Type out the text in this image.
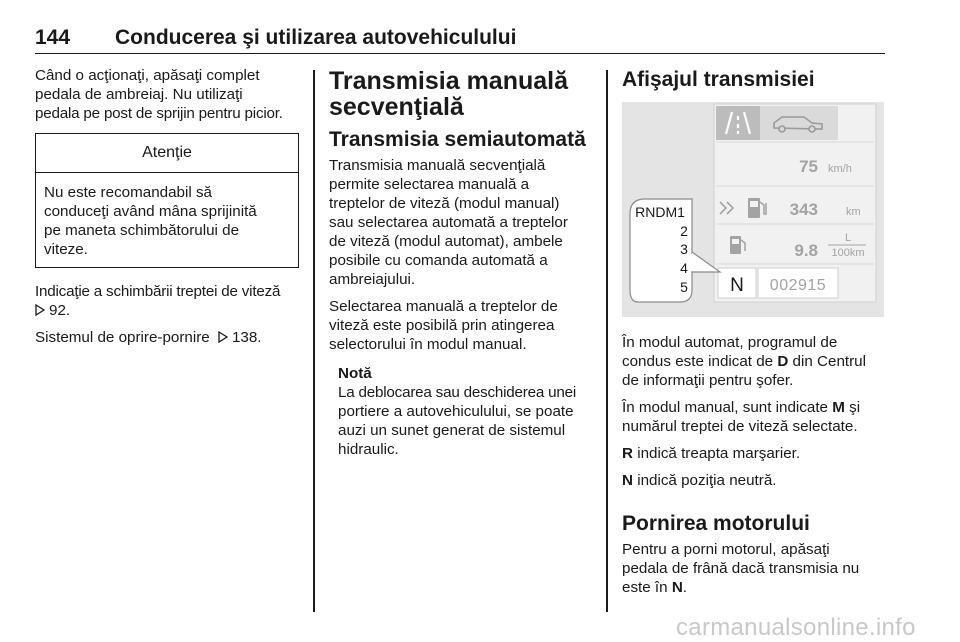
144 Conducerea şi utilizarea autovehiculului

Când o acţionaţi, apăsaţi complet
pedala de ambreiaj. Nu utilizaţi
pedala pe post de sprijin pentru picior.

Atenţie
Nu este recomandabil să
conduceţi având mâna sprijinită
pe maneta schimbătorului de
viteze.

Indicaţie a schimbării treptei de viteză
92.

Sistemul de oprire-pornire 138.

Transmisia manuală
secvenţială
Transmisia semiautomată

Transmisia manuală secvenţială
permite selectarea manuală a
treptelor de viteză (modul manual)
sau selectarea automată a treptelor
de viteză (modul automat), ambele
posibile cu comanda automată a
ambreiajului.

Selectarea manuală a treptelor de
viteză este posibilă prin atingerea
selectorului în modul manual.

Notă
La deblocarea sau deschiderea unei
portiere a autovehiculului, se poate
auzi un sunet generat de sistemul
hidraulic.
Afişajul transmisiei
75 km/h
343	km
9.8
L
100km
N 002915
RNDM1
2
3
4
5

În modul automat, programul de
condus este indicat de D din Centrul
de informaţii pentru şofer.

În modul manual, sunt indicate M şi
numărul treptei de viteză selectate.

R indică treapta marşarier.

N indică poziţia neutră.

Pornirea motorului

Pentru a porni motorul, apăsaţi
pedala de frână dacă transmisia nu
este în N.

carmanualsonline.info
